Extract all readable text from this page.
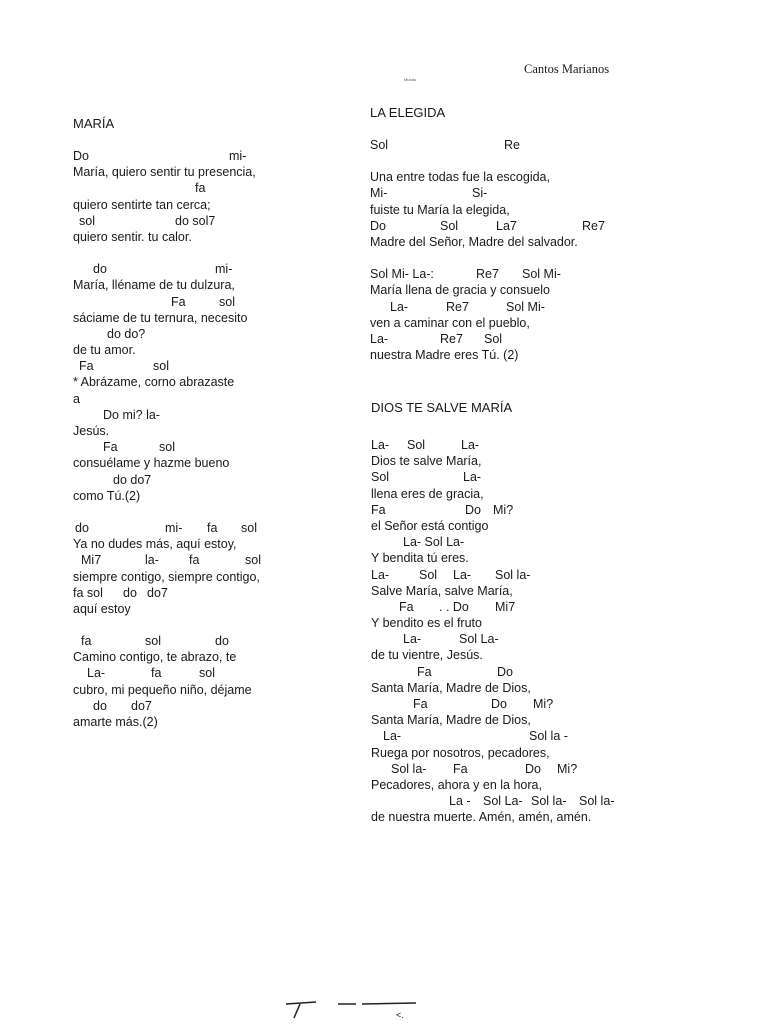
Cantos Marianos
Mundo
MARÍA
Do	mi-
María, quiero sentir tu presencia,
fa
quiero sentirte tan cerca;
sol	do sol7
quiero sentir. tu calor.
do	mi-
María, lléname de tu dulzura,
Fa	sol
sáciame de tu ternura, necesito
do do?
de tu amor.
Fa	sol
* Abrázame, corno abrazaste
a
Do mi? la-
Jesús.
Fa	sol
consuélame y hazme bueno
do do7
como Tú.(2)
do	mi- fa sol
Ya no dudes más, aquí estoy,
Mi7	la- fa	sol
siempre contigo, siempre contigo,
fa sol do do7
aquí estoy
fa	sol	do
Camino contigo, te abrazo, te
La-	fa	sol
cubro, mi pequeño niño, déjame
do do7
amarte más.(2)
LA ELEGIDA
Sol	Re
Una entre todas fue la escogida,
Mi-	Si-
fuiste tu María la elegida,
Do	Sol	La7	Re7
Madre del Señor, Madre del salvador.
Sol Mi- La-:	Re7 Sol Mi-
María llena de gracia y consuelo
La-	Re7	Sol Mi-
ven a caminar con el pueblo,
La-	Re7 Sol
nuestra Madre eres Tú. (2)
DIOS TE SALVE MARÍA
La- Sol	La-
Dios te salve María,
Sol	La-
llena eres de gracia,
Fa	Do Mi?
el Señor está contigo
La- Sol La-
Y bendita tú eres.
La- Sol La- Sol la-
Salve María, salve María,
Fa . . Do Mi7
Y bendito es el fruto
La-	Sol La-
de tu vientre, Jesús.
Fa	Do
Santa María, Madre de Dios,
Fa	Do Mi?
Santa María, Madre de Dios,
La-	Sol la -
Ruega por nosotros, pecadores,
Sol la- Fa	Do Mi?
Pecadores, ahora y en la hora,
La - Sol La- Sol la- Sol la-
de nuestra muerte. Amén, amén, amén.
<.
